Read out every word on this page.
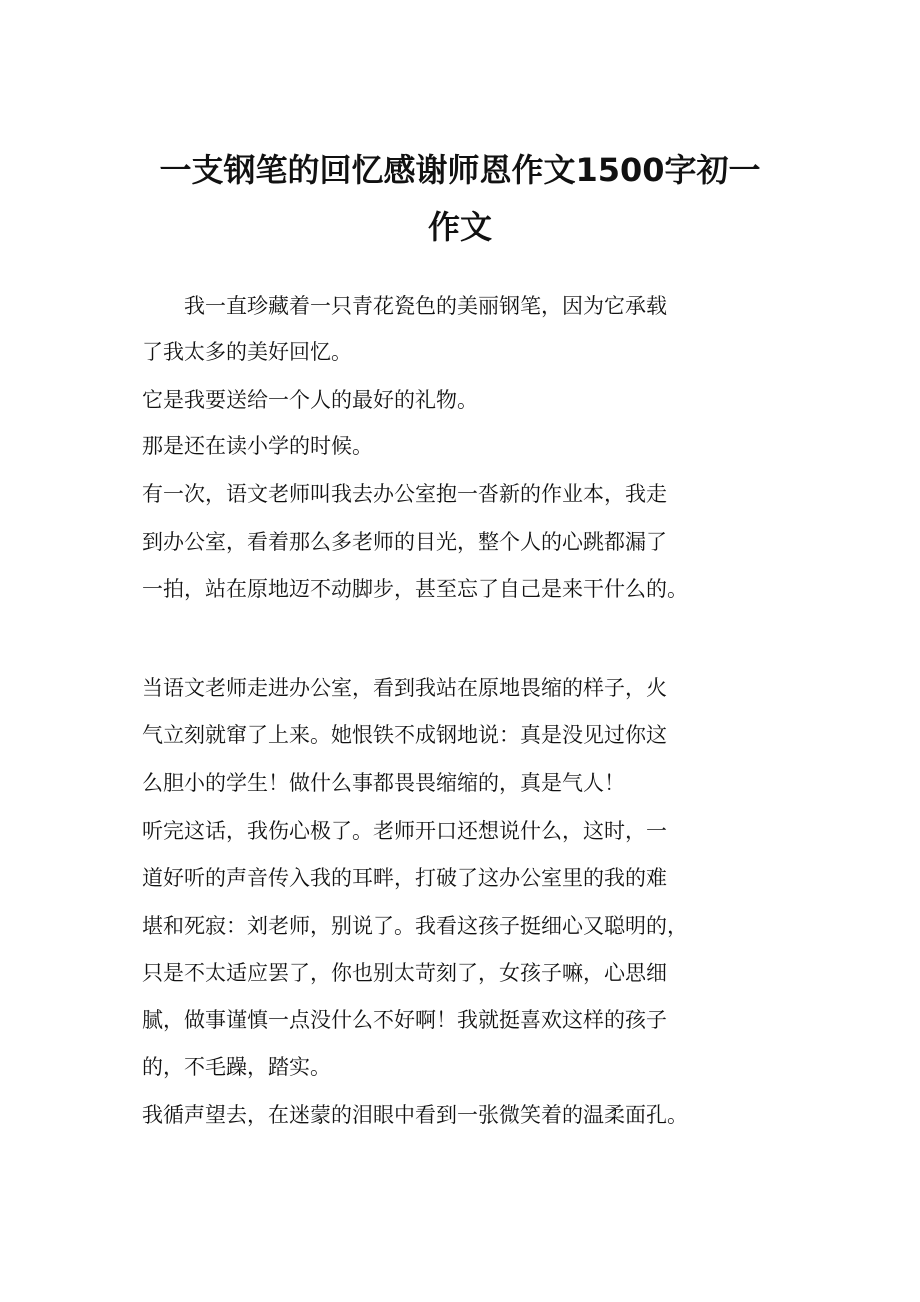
一支钢笔的回忆感谢师恩作文1500字初一
作文
　　我一直珍藏着一只青花瓷色的美丽钢笔，因为它承载
了我太多的美好回忆。
它是我要送给一个人的最好的礼物。
那是还在读小学的时候。
有一次，语文老师叫我去办公室抱一沓新的作业本，我走
到办公室，看着那么多老师的目光，整个人的心跳都漏了
一拍，站在原地迈不动脚步，甚至忘了自己是来干什么的。
当语文老师走进办公室，看到我站在原地畏缩的样子，火
气立刻就窜了上来。她恨铁不成钢地说：真是没见过你这
么胆小的学生！做什么事都畏畏缩缩的，真是气人！
听完这话，我伤心极了。老师开口还想说什么，这时，一
道好听的声音传入我的耳畔，打破了这办公室里的我的难
堪和死寂：刘老师，别说了。我看这孩子挺细心又聪明的，
只是不太适应罢了，你也别太苛刻了，女孩子嘛，心思细
腻，做事谨慎一点没什么不好啊！我就挺喜欢这样的孩子
的，不毛躁，踏实。
我循声望去，在迷蒙的泪眼中看到一张微笑着的温柔面孔。
